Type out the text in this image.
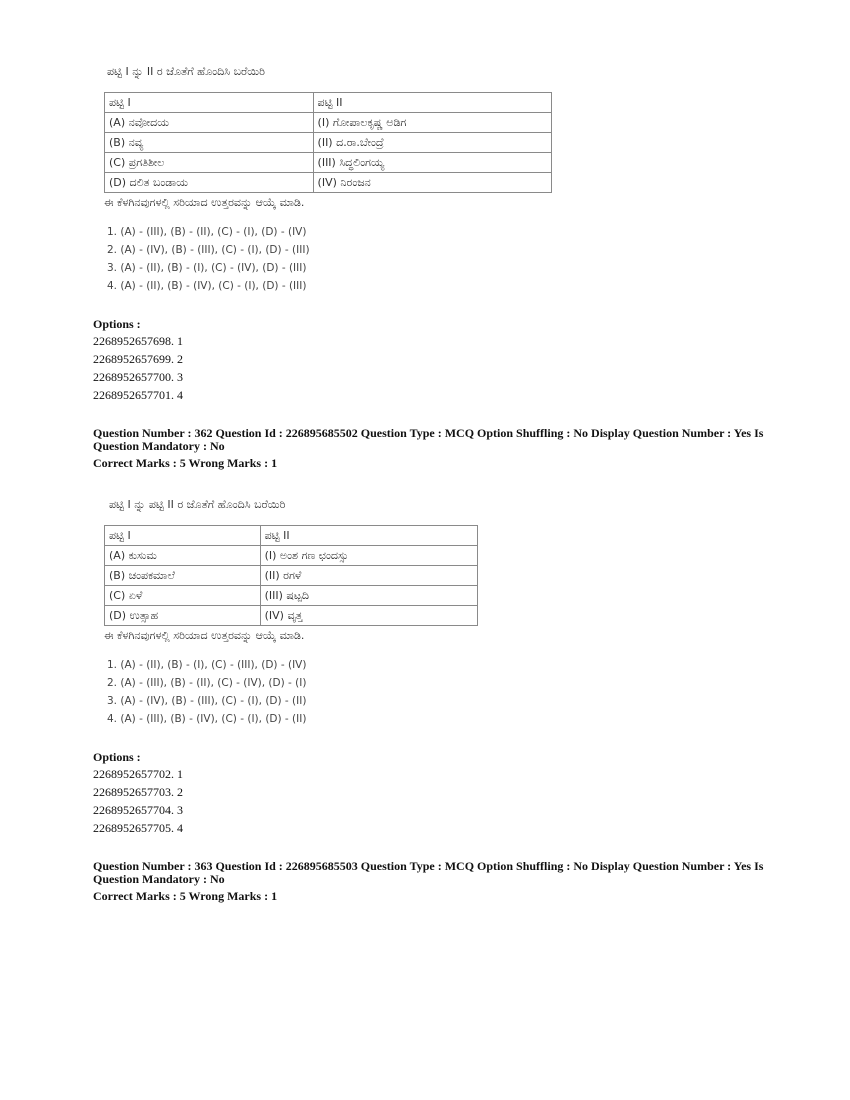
ಪಟ್ಟಿ I ನ್ನು II ರ ಜೊತೆಗೆ ಹೊಂದಿಸಿ ಬರೆಯಿರಿ
ಪಟ್ಟಿ I	ಪಟ್ಟಿ II
(A) ನವೋದಯ	(I) ಗೋಪಾಲಕೃಷ್ಣ ಅಡಿಗ
(B) ನವ್ಯ	(II) ದ.ರಾ.ಬೇಂದ್ರೆ
(C) ಪ್ರಗತಿಶೀಲ	(III) ಸಿದ್ಧಲಿಂಗಯ್ಯ
(D) ದಲಿತ ಬಂಡಾಯ	(IV) ನಿರಂಜನ
ಈ ಕೆಳಗಿನವುಗಳಲ್ಲಿ ಸರಿಯಾದ ಉತ್ತರವನ್ನು ಆಯ್ಕೆ ಮಾಡಿ.
1. (A) - (III), (B) - (II), (C) - (I), (D) - (IV)
2. (A) - (IV), (B) - (III), (C) - (I), (D) - (III)
3. (A) - (II), (B) - (I), (C) - (IV), (D) - (III)
4. (A) - (II), (B) - (IV), (C) - (I), (D) - (III)
Options :
2268952657698. 1
2268952657699. 2
2268952657700. 3
2268952657701. 4
Question Number : 362 Question Id : 226895685502 Question Type : MCQ Option Shuffling : No Display Question Number : Yes Is
Question Mandatory : No
Correct Marks : 5 Wrong Marks : 1
ಪಟ್ಟಿ I ನ್ನು ಪಟ್ಟಿ II ರ ಜೊತೆಗೆ ಹೊಂದಿಸಿ ಬರೆಯಿರಿ
ಪಟ್ಟಿ I	ಪಟ್ಟಿ II
(A) ಕುಸುಮ	(I) ಅಂಶ ಗಣ ಛಂದಸ್ಸು
(B) ಚಂಪಕಮಾಲೆ	(II) ರಗಳೆ
(C) ಏಳೆ	(III) ಷಟ್ಪದಿ
(D) ಉತ್ಸಾಹ	(IV) ವೃತ್ತ
ಈ ಕೆಳಗಿನವುಗಳಲ್ಲಿ ಸರಿಯಾದ ಉತ್ತರವನ್ನು ಆಯ್ಕೆ ಮಾಡಿ.
1. (A) - (II), (B) - (I), (C) - (III), (D) - (IV)
2. (A) - (III), (B) - (II), (C) - (IV), (D) - (I)
3. (A) - (IV), (B) - (III), (C) - (I), (D) - (II)
4. (A) - (III), (B) - (IV), (C) - (I), (D) - (II)
Options :
2268952657702. 1
2268952657703. 2
2268952657704. 3
2268952657705. 4
Question Number : 363 Question Id : 226895685503 Question Type : MCQ Option Shuffling : No Display Question Number : Yes Is
Question Mandatory : No
Correct Marks : 5 Wrong Marks : 1
